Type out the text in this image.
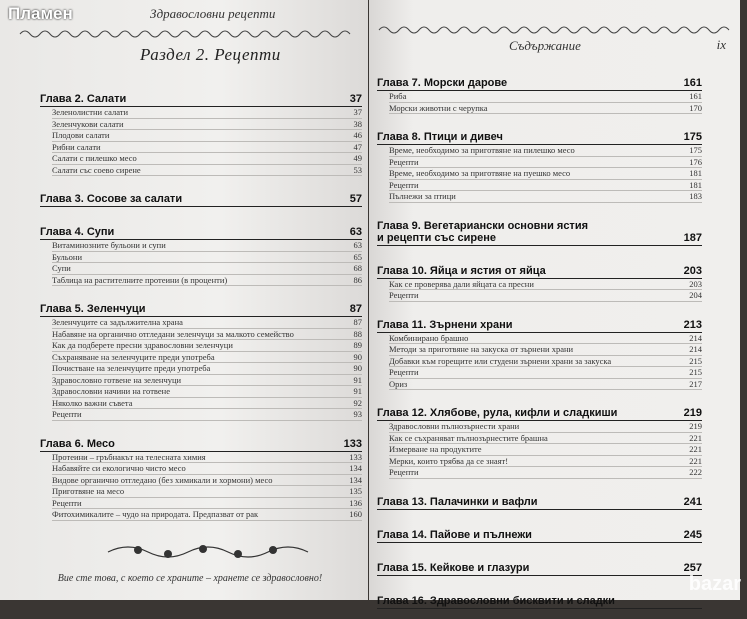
Здравословни рецепти
Раздел 2. Рецепти
Глава 2. Салати	37
Зеленолистни салати	37
Зеленчукови салати	38
Плодови салати	46
Рибни салати	47
Салати с пилешко месо	49
Салати със соево сирене	53
Глава 3. Сосове за салати	57
Глава 4. Супи	63
Витаминозните бульони и супи	63
Бульони	65
Супи	68
Таблица на растителните протеини (в проценти)	86
Глава 5. Зеленчуци	87
Зеленчуците са задължителна храна	87
Набавяне на органично отгледани зеленчуци за малкото семейство	88
Как да подберете пресни здравословни зеленчуци	89
Съхраняване на зеленчуците преди употреба	90
Почистване на зеленчуците преди употреба	90
Здравословно готвене на зеленчуци	91
Здравословни начини на готвене	91
Няколко важни съвета	92
Рецепти	93
Глава 6. Месо	133
Протеини – гръбнакът на телесната химия	133
Набавяйте си екологично чисто месо	134
Видове органично отгледано (без химикали и хормони) месо	134
Приготвяне на месо	135
Рецепти	136
Фитохимикалите – чудо на природата. Предпазват от рак	160
Вие сте това, с което се храните – хранете се здравословно!
Съдържание	ix
Глава 7. Морски дарове	161
Риба	161
Морски животни с черупка	170
Глава 8. Птици и дивеч	175
Време, необходимо за приготвяне на пилешко месо	175
Рецепти	176
Време, необходимо за приготвяне на пуешко месо	181
Рецепти	181
Пълнежи за птици	183
Глава 9. Вегетариански основни ястия
и рецепти със сирене	187
Глава 10. Яйца и ястия от яйца	203
Как се проверява дали яйцата са пресни	203
Рецепти	204
Глава 11. Зърнени храни	213
Комбинирано брашно	214
Методи за приготвяне на закуска от зърнени храни	214
Добавки към горещите или студени зърнени храни за закуска	215
Рецепти	215
Ориз	217
Глава 12. Хлябове, рула, кифли и сладкиши	219
Здравословни пълнозърнести храни	219
Как се съхраняват пълнозърнестите брашна	221
Измерване на продуктите	221
Мерки, които трябва да се знаят!	221
Рецепти	222
Глава 13. Палачинки и вафли	241
Глава 14. Пайове и пълнежи	245
Глава 15. Кейкове и глазури	257
Глава 16. Здравословни бисквити и сладки
Пламен
bazar
